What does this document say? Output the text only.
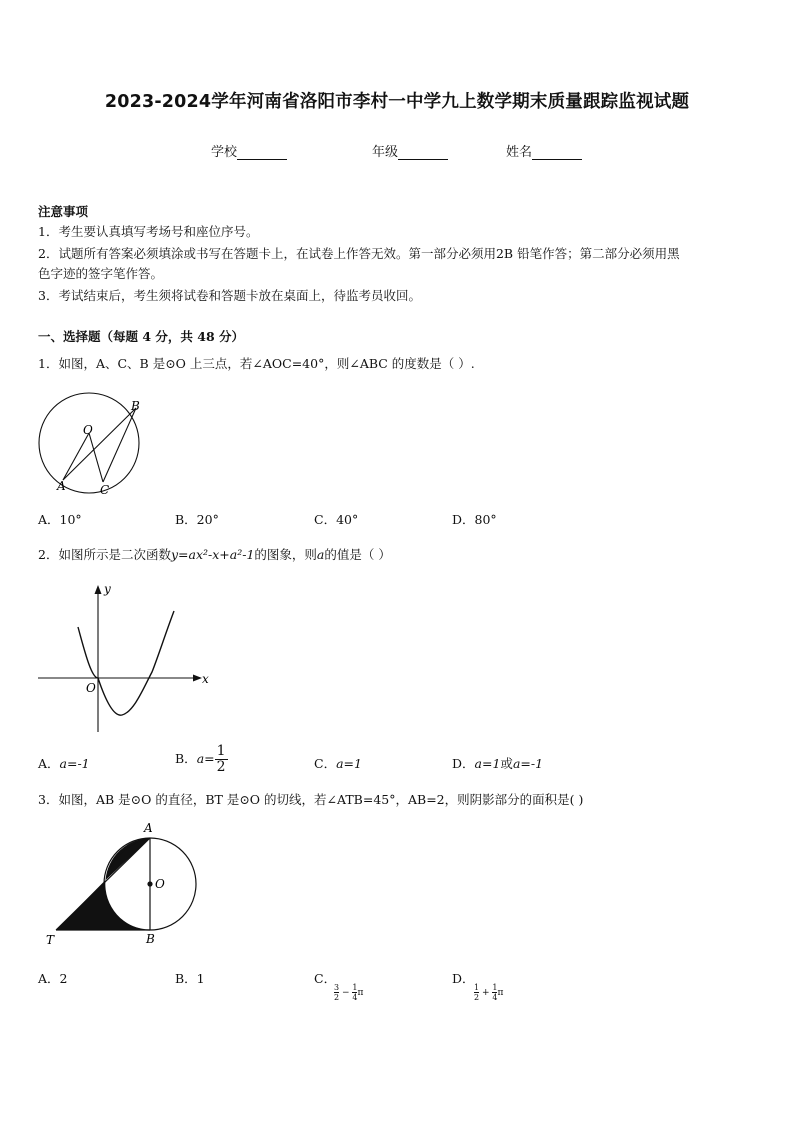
2023-2024学年河南省洛阳市李村一中学九上数学期末质量跟踪监视试题
学校	年级	姓名
注意事项
1．考生要认真填写考场号和座位序号。
2．试题所有答案必须填涂或书写在答题卡上，在试卷上作答无效。第一部分必须用2B 铅笔作答；第二部分必须用黑
色字迹的签字笔作答。
3．考试结束后，考生须将试卷和答题卡放在桌面上，待监考员收回。
一、选择题（每题 4 分，共 48 分）
1．如图，A、C、B 是⊙O 上三点，若∠AOC=40°，则∠ABC 的度数是（ ）.
O
A
B
C
A．10°	B．20°	C．40°	D．80°
2．如图所示是二次函数y=ax²-x+a²-1的图象，则a的值是（ ）
x
y
O
A．a=-1	B．$a= \frac{1}{2}$	C．a=1	D．a=1或a=-1
3．如图，AB 是⊙O 的直径，BT 是⊙O 的切线，若∠ATB=45°，AB=2，则阴影部分的面积是( )
A
B
O
T
A．2	B．1	C．
$\frac{3}{2} - \frac{1}{4}$ π
D．
$\frac{1}{2} + \frac{1}{4}$ π
